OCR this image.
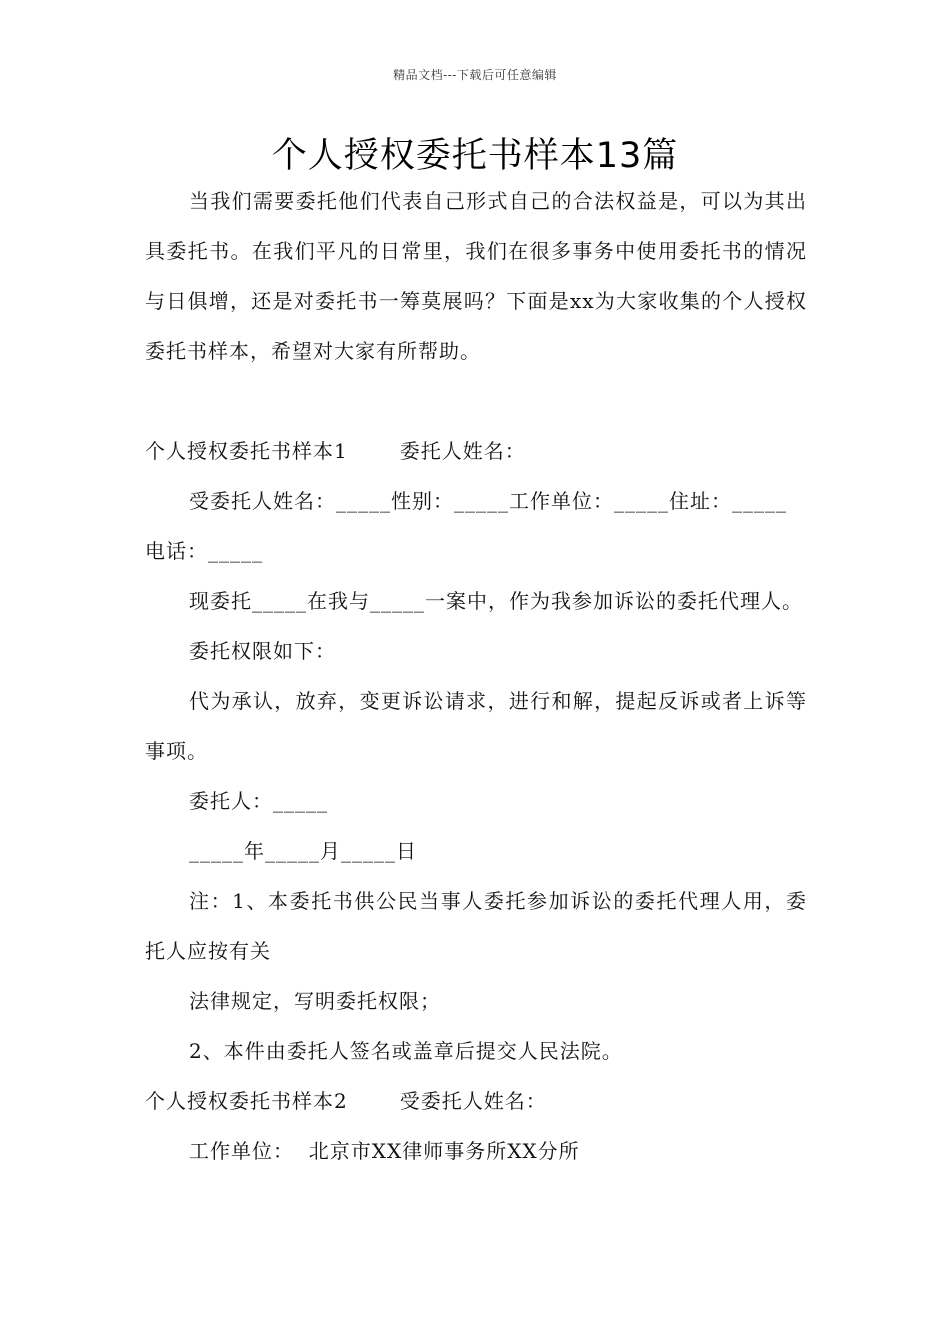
精品文档---下载后可任意编辑
个人授权委托书样本13篇

当我们需要委托他们代表自己形式自己的合法权益是，可以为其出具委托书。在我们平凡的日常里，我们在很多事务中使用委托书的情况与日俱增，还是对委托书一筹莫展吗？下面是xx为大家收集的个人授权委托书样本，希望对大家有所帮助。

个人授权委托书样本1	委托人姓名：

受委托人姓名：_____性别：_____工作单位：_____住址：_____电话：_____

现委托_____在我与_____一案中，作为我参加诉讼的委托代理人。

委托权限如下：

代为承认，放弃，变更诉讼请求，进行和解，提起反诉或者上诉等事项。

委托人：_____

_____年_____月_____日

注：1、本委托书供公民当事人委托参加诉讼的委托代理人用，委托人应按有关

法律规定，写明委托权限；

2、本件由委托人签名或盖章后提交人民法院。

个人授权委托书样本2	受委托人姓名：

工作单位：  北京市XX律师事务所XX分所
